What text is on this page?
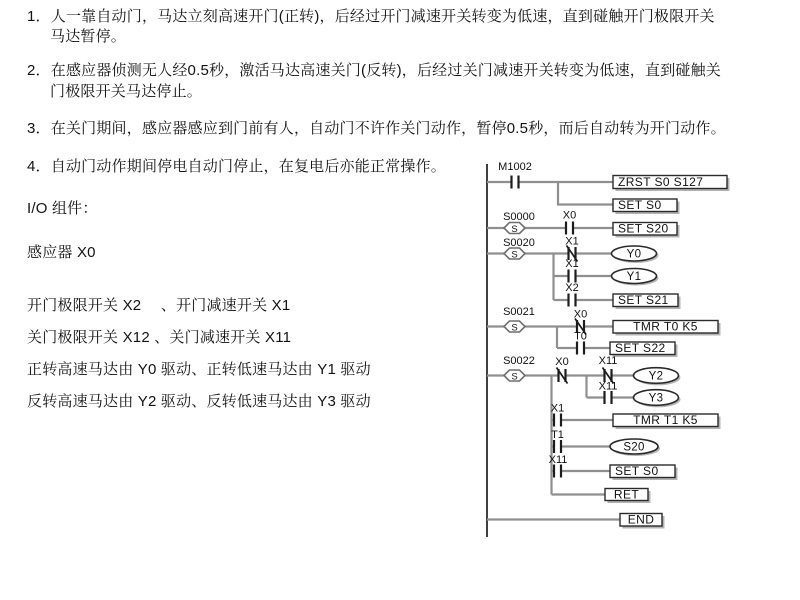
1．人一靠自动门，马达立刻高速开门(正转)，后经过开门减速开关转变为低速，直到碰触开门极限开关
马达暂停。
2．在感应器侦测无人经0.5秒，激活马达高速关门(反转)，后经过关门减速开关转变为低速，直到碰触关
门极限开关马达停止。
3．在关门期间，感应器感应到门前有人，自动门不许作关门动作，暂停0.5秒，而后自动转为开门动作。
4．自动门动作期间停电自动门停止，在复电后亦能正常操作。
I/O 组件：
感应器 X0
开门极限开关 X2 　、开门减速开关 X1
关门极限开关 X12 、关门减速开关 X11
正转高速马达由 Y0 驱动、正转低速马达由 Y1 驱动
反转高速马达由 Y2 驱动、反转低速马达由 Y3 驱动
M1002
ZRST S0 S127
SET S0
S
S0000	X0
SET S20
S
S0020	X1
Y0
X1
Y1
X2
SET S21
S
S0021	X0
TMR T0 K5
T0
SET S22
S
S0022 X0	X11
Y2
X11
Y3
X1
TMR T1 K5
T1
S20
X11
SET S0
RET
END
